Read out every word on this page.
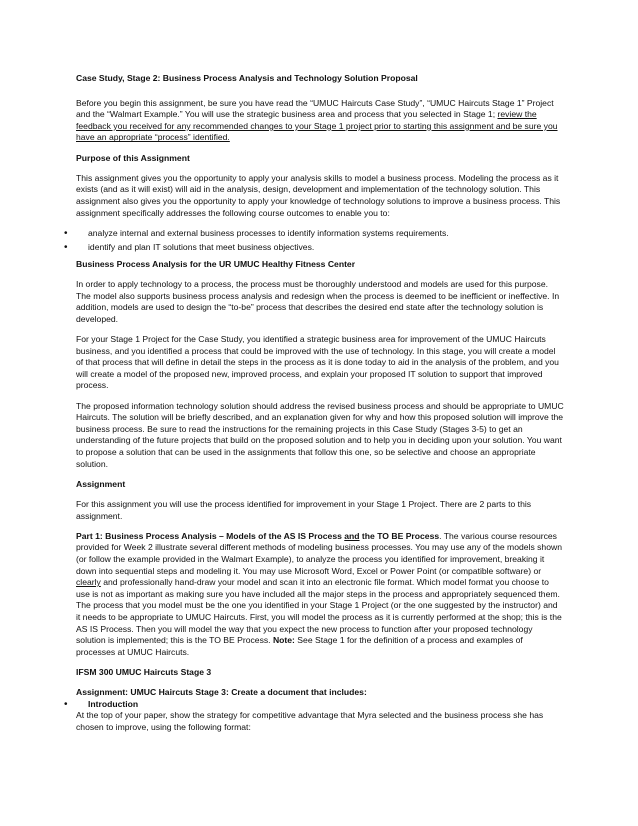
Case Study, Stage 2: Business Process Analysis and Technology Solution Proposal

Before you begin this assignment, be sure you have read the “UMUC Haircuts Case Study”, “UMUC Haircuts Stage 1” Project and the “Walmart Example.” You will use the strategic business area and process that you selected in Stage 1; review the feedback you received for any recommended changes to your Stage 1 project prior to starting this assignment and be sure you have an appropriate “process” identified.

Purpose of this Assignment

This assignment gives you the opportunity to apply your analysis skills to model a business process. Modeling the process as it exists (and as it will exist) will aid in the analysis, design, development and implementation of the technology solution. This assignment also gives you the opportunity to apply your knowledge of technology solutions to improve a business process. This assignment specifically addresses the following course outcomes to enable you to:

• analyze internal and external business processes to identify information systems requirements.
• identify and plan IT solutions that meet business objectives.

Business Process Analysis for the UR UMUC Healthy Fitness Center

In order to apply technology to a process, the process must be thoroughly understood and models are used for this purpose. The model also supports business process analysis and redesign when the process is deemed to be inefficient or ineffective. In addition, models are used to design the “to-be” process that describes the desired end state after the technology solution is developed.

For your Stage 1 Project for the Case Study, you identified a strategic business area for improvement of the UMUC Haircuts business, and you identified a process that could be improved with the use of technology. In this stage, you will create a model of that process that will define in detail the steps in the process as it is done today to aid in the analysis of the problem, and you will create a model of the proposed new, improved process, and explain your proposed IT solution to support that improved process.

The proposed information technology solution should address the revised business process and should be appropriate to UMUC Haircuts. The solution will be briefly described, and an explanation given for why and how this proposed solution will improve the business process. Be sure to read the instructions for the remaining projects in this Case Study (Stages 3-5) to get an understanding of the future projects that build on the proposed solution and to help you in deciding upon your solution. You want to propose a solution that can be used in the assignments that follow this one, so be selective and choose an appropriate solution.

Assignment

For this assignment you will use the process identified for improvement in your Stage 1 Project. There are 2 parts to this assignment.

Part 1: Business Process Analysis – Models of the AS IS Process and the TO BE Process. The various course resources provided for Week 2 illustrate several different methods of modeling business processes. You may use any of the models shown (or follow the example provided in the Walmart Example), to analyze the process you identified for improvement, breaking it down into sequential steps and modeling it. You may use Microsoft Word, Excel or Power Point (or compatible software) or clearly and professionally hand-draw your model and scan it into an electronic file format. Which model format you choose to use is not as important as making sure you have included all the major steps in the process and appropriately sequenced them. The process that you model must be the one you identified in your Stage 1 Project (or the one suggested by the instructor) and it needs to be appropriate to UMUC Haircuts. First, you will model the process as it is currently performed at the shop; this is the AS IS Process. Then you will model the way that you expect the new process to function after your proposed technology solution is implemented; this is the TO BE Process. Note: See Stage 1 for the definition of a process and examples of processes at UMUC Haircuts.

IFSM 300 UMUC Haircuts Stage 3

Assignment: UMUC Haircuts Stage 3: Create a document that includes:

• Introduction

At the top of your paper, show the strategy for competitive advantage that Myra selected and the business process she has chosen to improve, using the following format:
